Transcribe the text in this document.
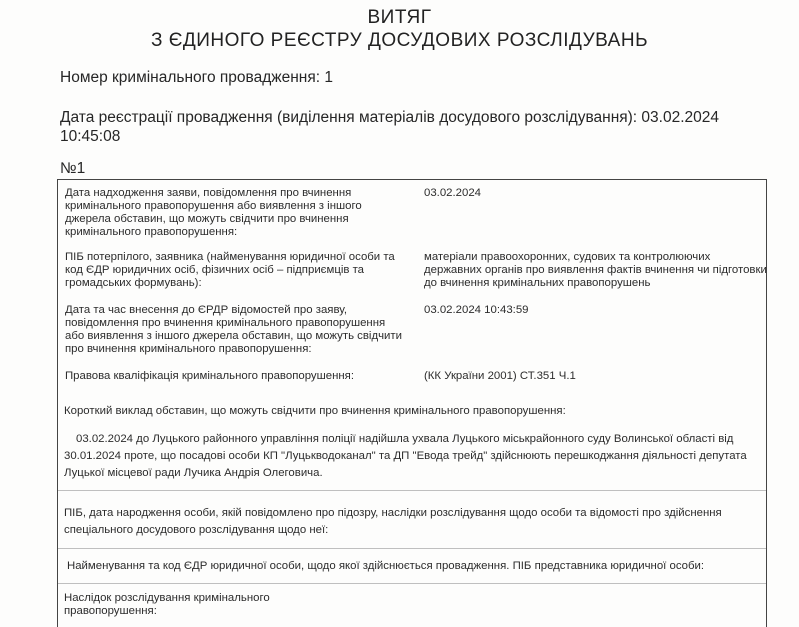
ВИТЯГ
З ЄДИНОГО РЕЄСТРУ ДОСУДОВИХ РОЗСЛІДУВАНЬ
Номер кримінального провадження: 1
Дата реєстрації провадження (виділення матеріалів досудового розслідування): 03.02.2024
10:45:08
№1
Дата надходження заяви, повідомлення про вчинення кримінального правопорушення або виявлення з іншого джерела обставин, що можуть свідчити про вчинення кримінального правопорушення:
03.02.2024
ПІБ потерпілого, заявника (найменування юридичної особи та код ЄДР юридичних осіб, фізичних осіб – підприємців та громадських формувань):
матеріали правоохоронних, судових та контролюючих державних органів про виявлення фактів вчинення чи підготовки до вчинення кримінальних правопорушень
Дата та час внесення до ЄРДР відомостей про заяву, повідомлення про вчинення кримінального правопорушення або виявлення з іншого джерела обставин, що можуть свідчити про вчинення кримінального правопорушення:
03.02.2024 10:43:59
Правова кваліфікація кримінального правопорушення:	(КК України 2001) СТ.351 Ч.1
Короткий виклад обставин, що можуть свідчити про вчинення кримінального правопорушення:
03.02.2024 до Луцького районного управління поліції надійшла ухвала Луцького міськрайонного суду Волинської області від 30.01.2024 проте, що посадові особи КП "Луцькводоканал" та ДП "Евода трейд" здійснюють перешкоджання діяльності депутата Луцької місцевої ради Лучика Андрія Олеговича.
ПІБ, дата народження особи, якій повідомлено про підозру, наслідки розслідування щодо особи та відомості про здійснення спеціального досудового розслідування щодо неї:
Найменування та код ЄДР юридичної особи, щодо якої здійснюється провадження. ПІБ представника юридичної особи:
Наслідок розслідування кримінального правопорушення:
